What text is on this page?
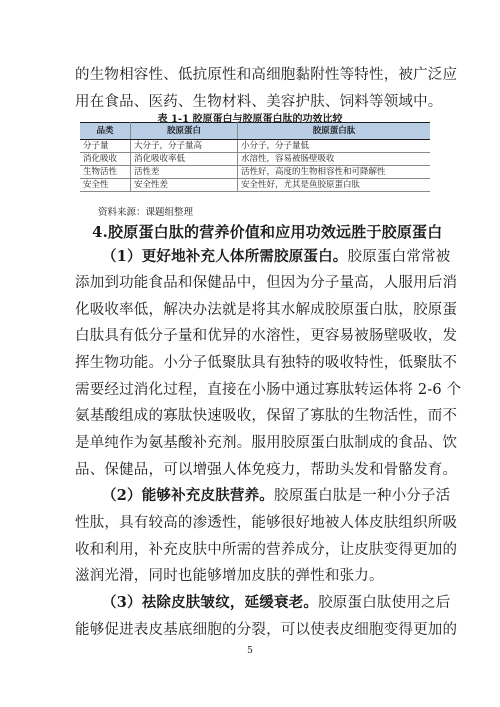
的生物相容性、低抗原性和高细胞黏附性等特性，被广泛应
用在食品、医药、生物材料、美容护肤、饲料等领域中。
表 1-1 胶原蛋白与胶原蛋白肽的功效比较
品类	胶原蛋白	胶原蛋白肽
分子量	大分子，分子量高	小分子，分子量低
消化吸收	消化吸收率低	水溶性，容易被肠壁吸收
生物活性	活性差	活性好，高度的生物相容性和可降解性
安全性	安全性差	安全性好，尤其是鱼胶原蛋白肽
资料来源：课题组整理
4.胶原蛋白肽的营养价值和应用功效远胜于胶原蛋白
（1）更好地补充人体所需胶原蛋白。胶原蛋白常常被
添加到功能食品和保健品中，但因为分子量高，人服用后消
化吸收率低，解决办法就是将其水解成胶原蛋白肽，胶原蛋
白肽具有低分子量和优异的水溶性，更容易被肠壁吸收，发
挥生物功能。小分子低聚肽具有独特的吸收特性，低聚肽不
需要经过消化过程，直接在小肠中通过寡肽转运体将 2-6 个
氨基酸组成的寡肽快速吸收，保留了寡肽的生物活性，而不
是单纯作为氨基酸补充剂。服用胶原蛋白肽制成的食品、饮
品、保健品，可以增强人体免疫力，帮助头发和骨骼发育。
（2）能够补充皮肤营养。胶原蛋白肽是一种小分子活
性肽，具有较高的渗透性，能够很好地被人体皮肤组织所吸
收和利用，补充皮肤中所需的营养成分，让皮肤变得更加的
滋润光滑，同时也能够增加皮肤的弹性和张力。
（3）祛除皮肤皱纹，延缓衰老。胶原蛋白肽使用之后
能够促进表皮基底细胞的分裂，可以使表皮细胞变得更加的
5
